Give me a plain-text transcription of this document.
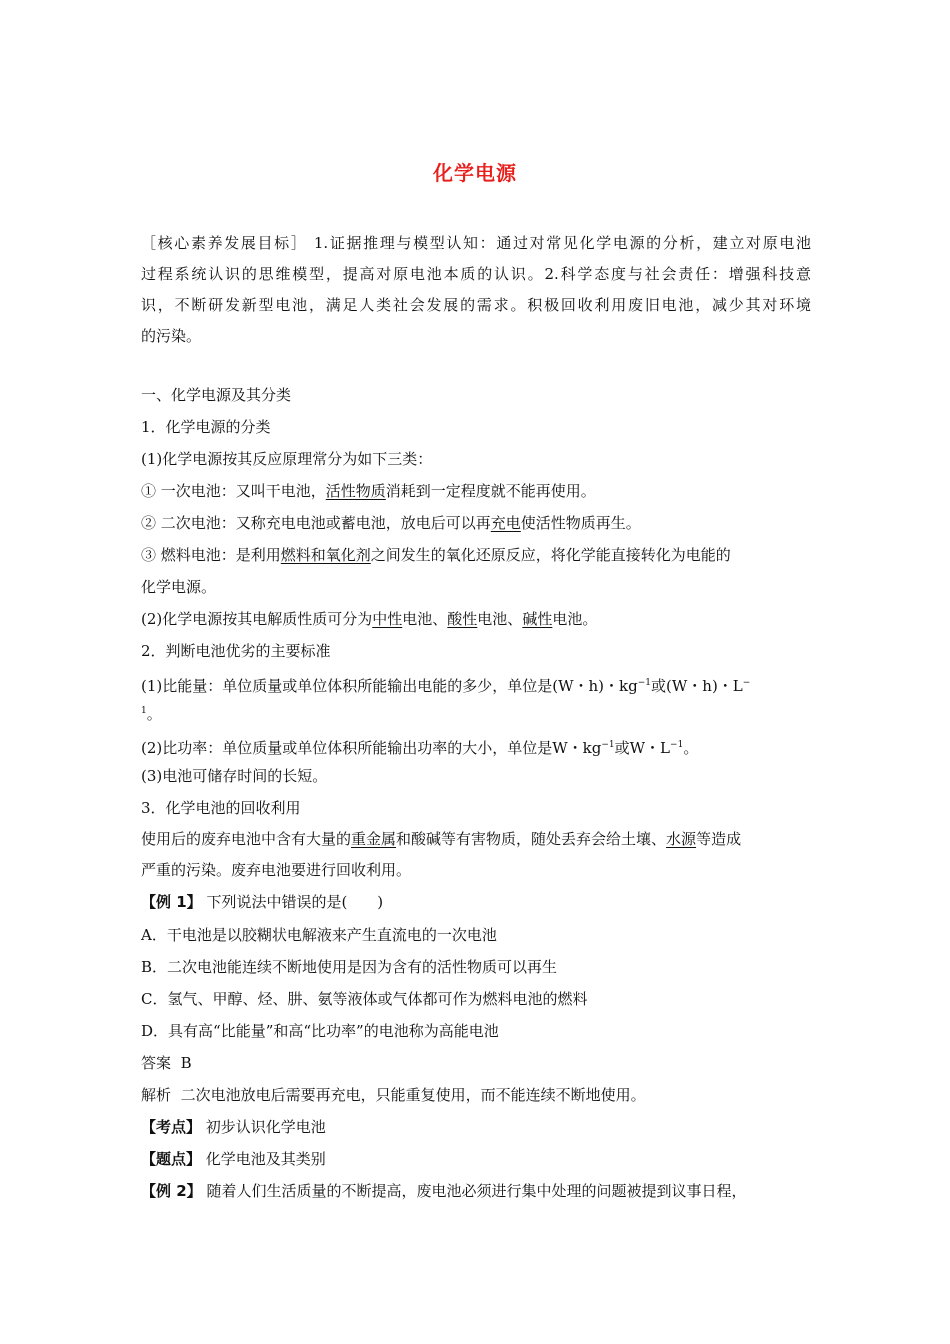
化学电源
［核心素养发展目标］ 1.证据推理与模型认知：通过对常见化学电源的分析，建立对原电池
过程系统认识的思维模型，提高对原电池本质的认识。2.科学态度与社会责任：增强科技意
识，不断研发新型电池，满足人类社会发展的需求。积极回收利用废旧电池，减少其对环境
的污染。
一、化学电源及其分类
1．化学电源的分类
(1)化学电源按其反应原理常分为如下三类：
① 一次电池：又叫干电池，活性物质消耗到一定程度就不能再使用。
② 二次电池：又称充电电池或蓄电池，放电后可以再充电使活性物质再生。
③ 燃料电池：是利用燃料和氧化剂之间发生的氧化还原反应，将化学能直接转化为电能的
化学电源。
(2)化学电源按其电解质性质可分为中性电池、酸性电池、碱性电池。
2．判断电池优劣的主要标准
(1)比能量：单位质量或单位体积所能输出电能的多少，单位是(W・h)・$kg^{-1}$或(W・h)・L−
$^1$。
(2)比功率：单位质量或单位体积所能输出功率的大小，单位是W・$kg^{-1}$或W・$L^{-1}$。
(3)电池可储存时间的长短。
3．化学电池的回收利用
使用后的废弃电池中含有大量的重金属和酸碱等有害物质，随处丢弃会给土壤、水源等造成
严重的污染。废弃电池要进行回收利用。
【例 1】 下列说法中错误的是(　　)
A．干电池是以胶糊状电解液来产生直流电的一次电池
B．二次电池能连续不断地使用是因为含有的活性物质可以再生
C．氢气、甲醇、烃、肼、氨等液体或气体都可作为燃料电池的燃料
D．具有高“比能量”和高“比功率”的电池称为高能电池
答案 B
解析 二次电池放电后需要再充电，只能重复使用，而不能连续不断地使用。
【考点】 初步认识化学电池
【题点】 化学电池及其类别
【例 2】 随着人们生活质量的不断提高，废电池必须进行集中处理的问题被提到议事日程，
